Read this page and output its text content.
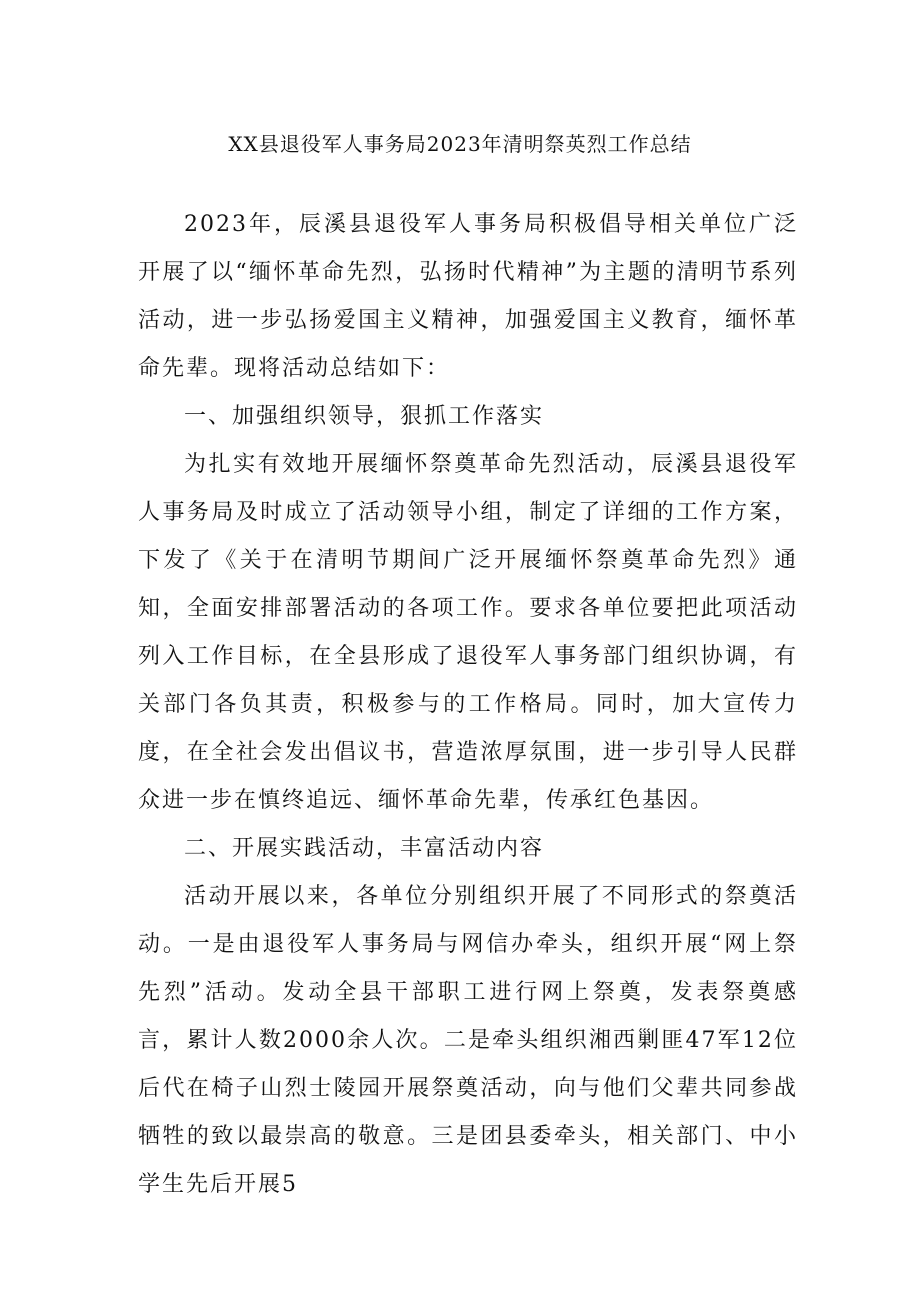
XX县退役军人事务局2023年清明祭英烈工作总结

2023年，辰溪县退役军人事务局积极倡导相关单位广泛开展了以“缅怀革命先烈，弘扬时代精神”为主题的清明节系列活动，进一步弘扬爱国主义精神，加强爱国主义教育，缅怀革命先辈。现将活动总结如下：

一、加强组织领导，狠抓工作落实

为扎实有效地开展缅怀祭奠革命先烈活动，辰溪县退役军人事务局及时成立了活动领导小组，制定了详细的工作方案，下发了《关于在清明节期间广泛开展缅怀祭奠革命先烈》通知，全面安排部署活动的各项工作。要求各单位要把此项活动列入工作目标，在全县形成了退役军人事务部门组织协调，有关部门各负其责，积极参与的工作格局。同时，加大宣传力度，在全社会发出倡议书，营造浓厚氛围，进一步引导人民群众进一步在慎终追远、缅怀革命先辈，传承红色基因。

二、开展实践活动，丰富活动内容

活动开展以来，各单位分别组织开展了不同形式的祭奠活动。一是由退役军人事务局与网信办牵头，组织开展“网上祭先烈”活动。发动全县干部职工进行网上祭奠，发表祭奠感言，累计人数2000余人次。二是牵头组织湘西剿匪47军12位后代在椅子山烈士陵园开展祭奠活动，向与他们父辈共同参战牺牲的致以最崇高的敬意。三是团县委牵头，相关部门、中小学生先后开展5
